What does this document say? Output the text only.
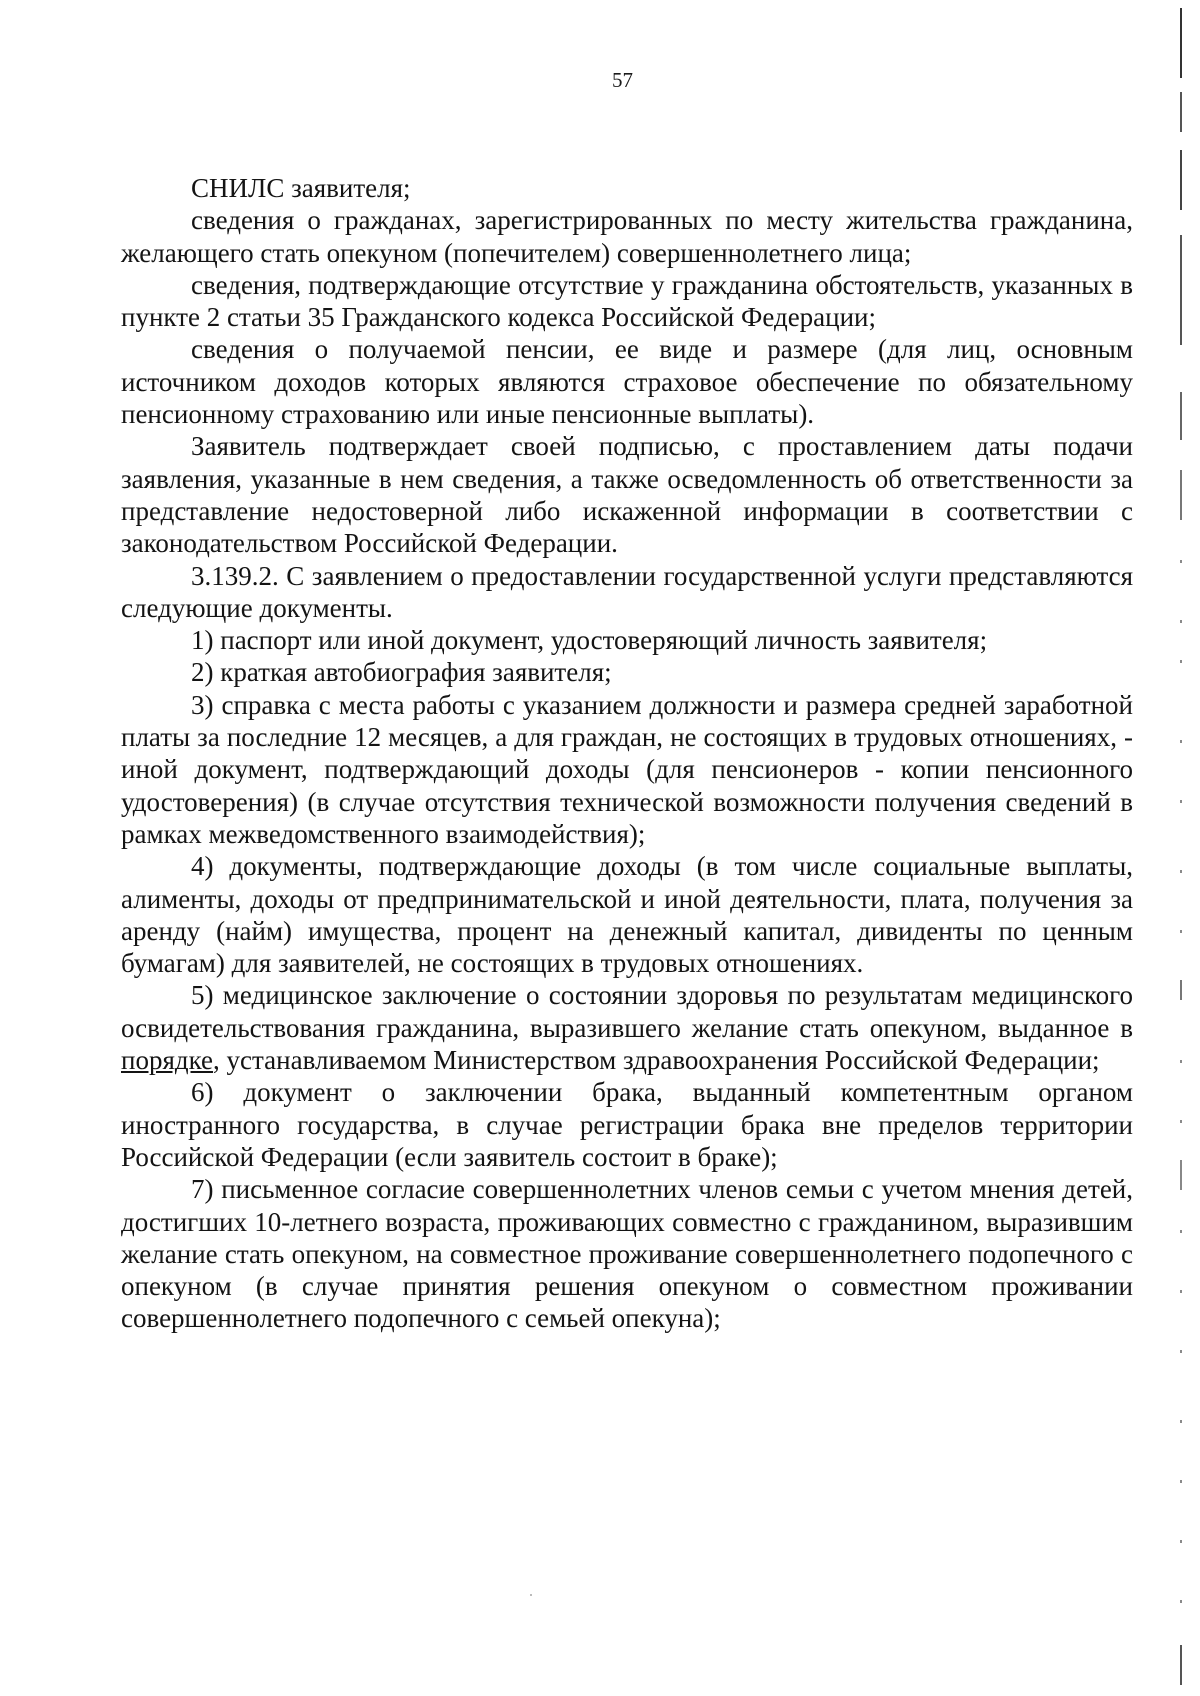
57

СНИЛС заявителя;

сведения о гражданах, зарегистрированных по месту жительства гражданина, желающего стать опекуном (попечителем) совершеннолетнего лица;

сведения, подтверждающие отсутствие у гражданина обстоятельств, указанных в пункте 2 статьи 35 Гражданского кодекса Российской Федерации;

сведения о получаемой пенсии, ее виде и размере (для лиц, основным источником доходов которых являются страховое обеспечение по обязательному пенсионному страхованию или иные пенсионные выплаты).

Заявитель подтверждает своей подписью, с проставлением даты подачи заявления, указанные в нем сведения, а также осведомленность об ответственности за представление недостоверной либо искаженной информации в соответствии с законодательством Российской Федерации.

3.139.2. С заявлением о предоставлении государственной услуги представляются следующие документы.

1) паспорт или иной документ, удостоверяющий личность заявителя;

2) краткая автобиография заявителя;

3) справка с места работы с указанием должности и размера средней заработной платы за последние 12 месяцев, а для граждан, не состоящих в трудовых отношениях, - иной документ, подтверждающий доходы (для пенсионеров - копии пенсионного удостоверения) (в случае отсутствия технической возможности получения сведений в рамках межведомственного взаимодействия);

4) документы, подтверждающие доходы (в том числе социальные выплаты, алименты, доходы от предпринимательской и иной деятельности, плата, получения за аренду (найм) имущества, процент на денежный капитал, дивиденты по ценным бумагам) для заявителей, не состоящих в трудовых отношениях.

5) медицинское заключение о состоянии здоровья по результатам медицинского освидетельствования гражданина, выразившего желание стать опекуном, выданное в порядке, устанавливаемом Министерством здравоохранения Российской Федерации;

6) документ о заключении брака, выданный компетентным органом иностранного государства, в случае регистрации брака вне пределов территории Российской Федерации (если заявитель состоит в браке);

7) письменное согласие совершеннолетних членов семьи с учетом мнения детей, достигших 10-летнего возраста, проживающих совместно с гражданином, выразившим желание стать опекуном, на совместное проживание совершеннолетнего подопечного с опекуном (в случае принятия решения опекуном о совместном проживании совершеннолетнего подопечного с семьей опекуна);
